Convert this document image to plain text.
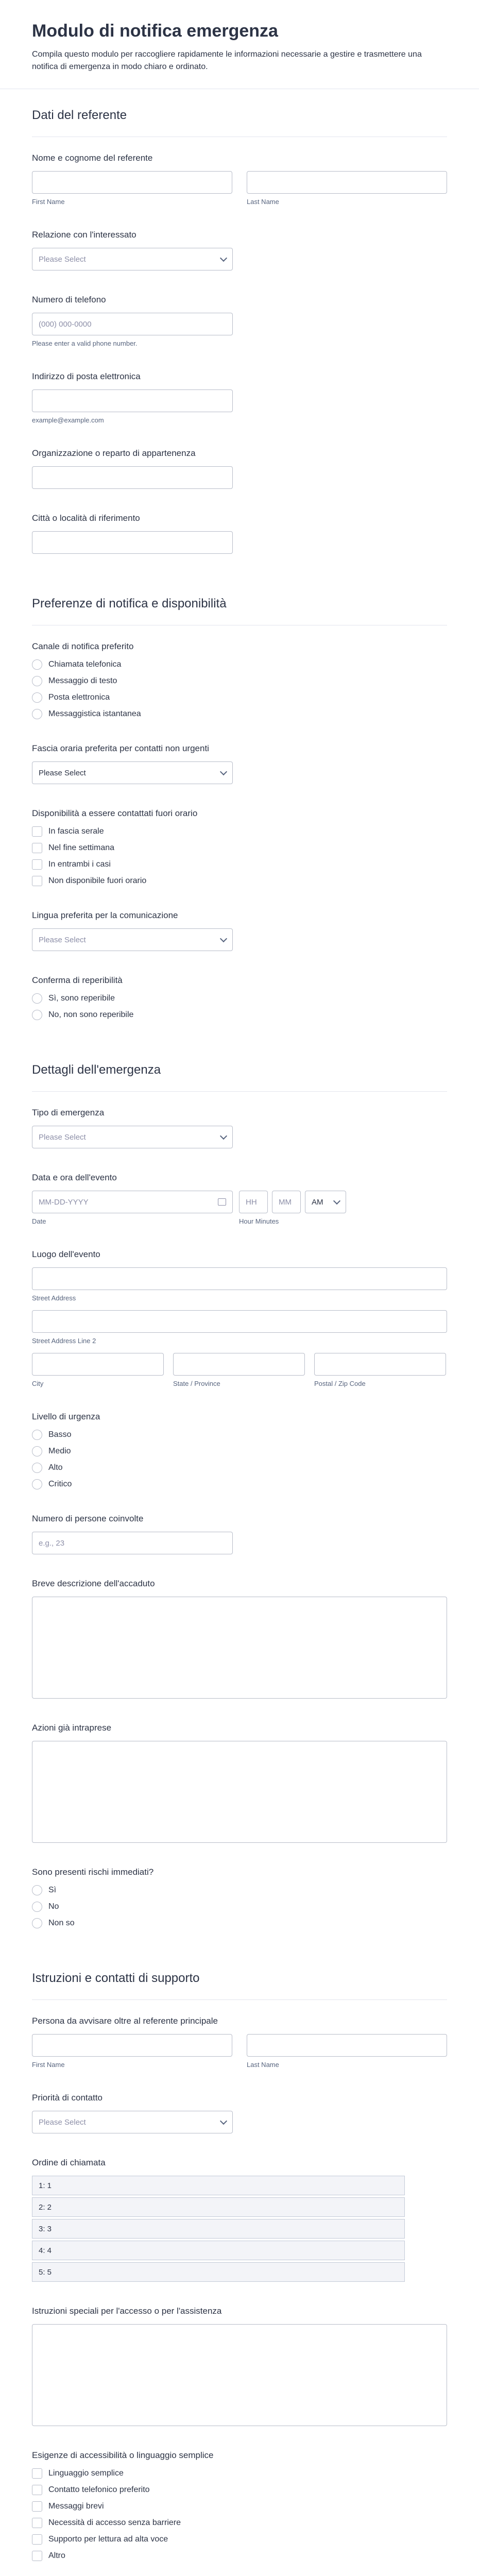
Modulo di notifica emergenza
Compila questo modulo per raccogliere rapidamente le informazioni necessarie a gestire e trasmettere una notifica di emergenza in modo chiaro e ordinato.
Dati del referente
Nome e cognome del referente
First Name	Last Name
Relazione con l'interessato
Please Select
Numero di telefono
(000) 000-0000
Please enter a valid phone number.
Indirizzo di posta elettronica
example@example.com
Organizzazione o reparto di appartenenza
Città o località di riferimento
Preferenze di notifica e disponibilità
Canale di notifica preferito
Chiamata telefonica
Messaggio di testo
Posta elettronica
Messaggistica istantanea
Fascia oraria preferita per contatti non urgenti
Please Select
Disponibilità a essere contattati fuori orario
In fascia serale
Nel fine settimana
In entrambi i casi
Non disponibile fuori orario
Lingua preferita per la comunicazione
Please Select
Conferma di reperibilità
Sì, sono reperibile
No, non sono reperibile
Dettagli dell'emergenza
Tipo di emergenza
Please Select
Data e ora dell'evento
MM-DD-YYYY
Date
HH	MM	AM
Hour Minutes
Luogo dell'evento
Street Address
Street Address Line 2
City	State / Province	Postal / Zip Code
Livello di urgenza
Basso
Medio
Alto
Critico
Numero di persone coinvolte
e.g., 23
Breve descrizione dell'accaduto
Azioni già intraprese
Sono presenti rischi immediati?
Sì
No
Non so
Istruzioni e contatti di supporto
Persona da avvisare oltre al referente principale
First Name	Last Name
Priorità di contatto
Please Select
Ordine di chiamata
1: 1
2: 2
3: 3
4: 4
5: 5
Istruzioni speciali per l'accesso o per l'assistenza
Esigenze di accessibilità o linguaggio semplice
Linguaggio semplice
Contatto telefonico preferito
Messaggi brevi
Necessità di accesso senza barriere
Supporto per lettura ad alta voce
Altro
